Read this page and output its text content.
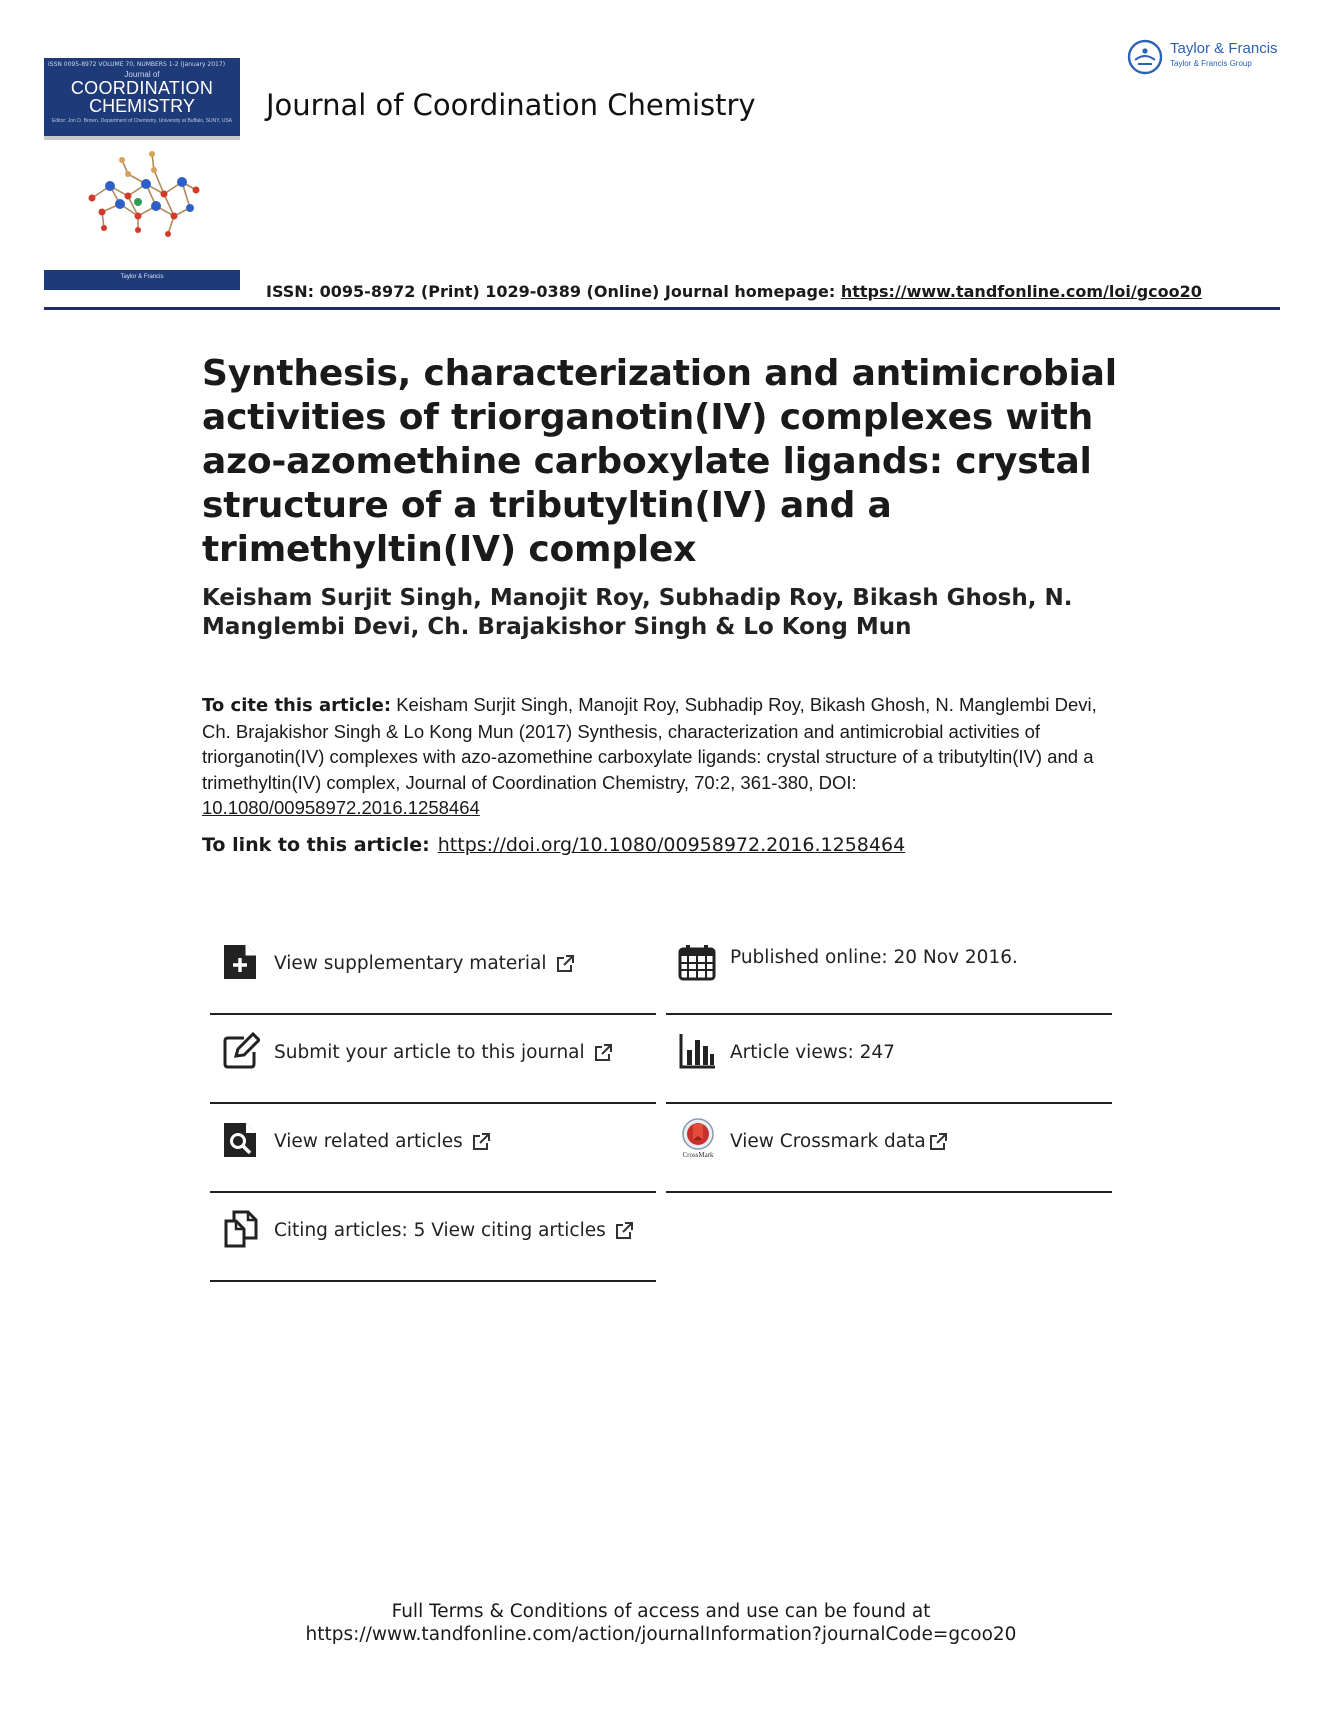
ISSN 0095-8972 VOLUME 70, NUMBERS 1-2 (January 2017)
Journal of
COORDINATION
CHEMISTRY
Editor: Jon D. Brown, Department of Chemistry, University at Buffalo, SUNY, USA
Taylor & Francis
Journal of Coordination Chemistry
Taylor & Francis
Taylor & Francis Group
ISSN: 0095-8972 (Print) 1029-0389 (Online) Journal homepage: https://www.tandfonline.com/loi/gcoo20
Synthesis, characterization and antimicrobial activities of triorganotin(IV) complexes with azo-azomethine carboxylate ligands: crystal structure of a tributyltin(IV) and a trimethyltin(IV) complex

Keisham Surjit Singh, Manojit Roy, Subhadip Roy, Bikash Ghosh, N. Manglembi Devi, Ch. Brajakishor Singh & Lo Kong Mun

To cite this article: Keisham Surjit Singh, Manojit Roy, Subhadip Roy, Bikash Ghosh, N. Manglembi Devi, Ch. Brajakishor Singh & Lo Kong Mun (2017) Synthesis, characterization and antimicrobial activities of triorganotin(IV) complexes with azo-azomethine carboxylate ligands: crystal structure of a tributyltin(IV) and a trimethyltin(IV) complex, Journal of Coordination Chemistry, 70:2, 361-380, DOI: 10.1080/00958972.2016.1258464

To link to this article: https://doi.org/10.1080/00958972.2016.1258464
View supplementary material	Published online: 20 Nov 2016.
Submit your article to this journal	Article views: 247
View related articles
CrossMark
View Crossmark data
Citing articles: 5 View citing articles
Full Terms & Conditions of access and use can be found at
https://www.tandfonline.com/action/journalInformation?journalCode=gcoo20
